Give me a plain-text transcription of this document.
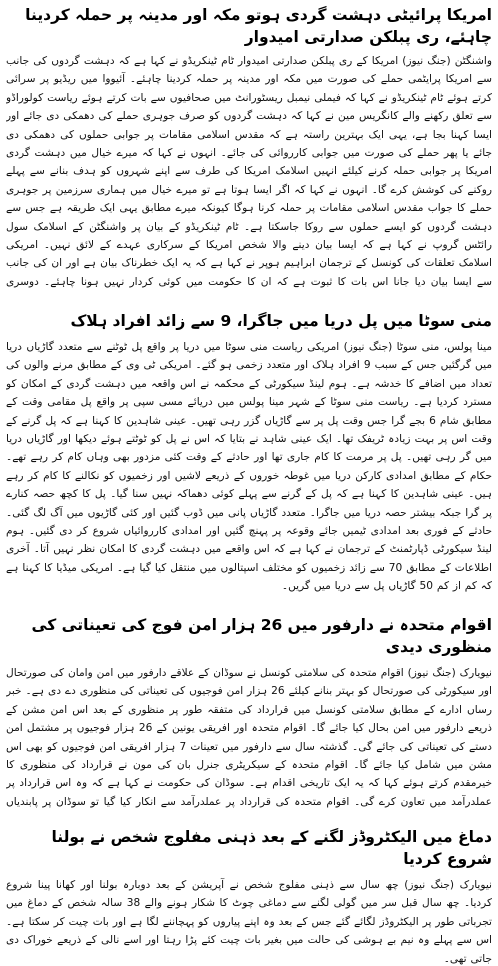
امریکا پرائیٹی دہشت گردی ہوتو مکہ اور مدینہ پر حملہ کردینا چاہئے، ری پبلکن صدارتی امیدوار

واشنگٹن (جنگ نیوز) امریکا کے ری پبلکن صدارتی امیدوار ٹام ٹینکریڈو نے کہا ہے کہ دہشت گردوں کی جانب سے امریکا پرایٹمی حملے کی صورت میں مکہ اور مدینہ پر حملہ کردینا چاہئے۔ آئیووا میں ریڈیو پر سرائی کرتے ہوئے ٹام ٹینکریڈو نے کہا کہ فیملی نیمبل ریسٹورانٹ میں صحافیوں سے بات کرتے ہوئے ریاست کولوراڈو سے تعلق رکھنے والے کانگریس مین نے کہا کہ دہشت گردوں کو صرف جوہری حملے کی دھمکی دی جائے اور ایسا کہنا بجا ہے، یہی ایک بہترین راستہ ہے کہ مقدس اسلامی مقامات پر جوابی حملوں کی دھمکی دی جائے یا پھر حملے کی صورت میں جوابی کارروائی کی جائے۔ انہوں نے کہا کہ میرے خیال میں دہشت گردی امریکا پر جوابی حملہ کرنے کیلئے انہیں اسلامک امریکا کی طرف سے اپنے شہروں کو ہدف بنانے سے پہلے روکنے کی کوشش کرے گا۔ انہوں نے کہا کہ اگر ایسا ہوتا ہے تو میرے خیال میں ہماری سرزمین پر جوہری حملے کا جواب مقدس اسلامی مقامات پر حملہ کرنا ہوگا کیونکہ میرے مطابق یہی ایک طریقہ ہے جس سے دہشت گردوں کو ایسے حملوں سے روکا جاسکتا ہے۔ ٹام ٹینکریڈو کے بیان پر واشنگٹن کے اسلامک سول رائٹس گروپ نے کہا ہے کہ ایسا بیان دینے والا شخص امریکا کے سرکاری عہدے کے لائق نہیں۔ امریکی اسلامک تعلقات کی کونسل کے ترجمان ابراہیم ہوپر نے کہا ہے کہ یہ ایک خطرناک بیان ہے اور ان کی جانب سے ایسا بیان دیا جانا اس بات کا ثبوت ہے کہ ان کا حکومت میں کوئی کردار نہیں ہونا چاہئے۔ دوسری

منی سوٹا میں پل دریا میں جاگرا، 9 سے زائد افراد ہلاک

مینا پولس، منی سوٹا (جنگ نیوز) امریکی ریاست منی سوٹا میں دریا پر واقع پل ٹوٹنے سے متعدد گاڑیاں دریا میں گرگئیں جس کے سبب 9 افراد ہلاک اور متعدد زخمی ہو گئے۔ امریکی ٹی وی کے مطابق مرنے والوں کی تعداد میں اضافے کا خدشہ ہے۔ ہوم لینڈ سیکورٹی کے محکمہ نے اس واقعہ میں دہشت گردی کے امکان کو مسترد کردیا ہے۔ ریاست منی سوٹا کے شہر مینا پولس میں دریائے مسی سپی پر واقع پل مقامی وقت کے مطابق شام 6 بجے گرا جس وقت پل پر سے گاڑیاں گزر رہی تھیں۔ عینی شاہدین کا کہنا ہے کہ پل گرنے کے وقت اس پر بہت زیادہ ٹریفک تھا۔ ایک عینی شاہد نے بتایا کہ اس نے پل کو ٹوٹتے ہوئے دیکھا اور گاڑیاں دریا میں گر رہی تھیں۔ پل پر مرمت کا کام جاری تھا اور حادثے کے وقت کئی مزدور بھی وہاں کام کر رہے تھے۔ حکام کے مطابق امدادی کارکن دریا میں غوطہ خوروں کے ذریعے لاشیں اور زخمیوں کو نکالنے کا کام کر رہے ہیں۔ عینی شاہدین کا کہنا ہے کہ پل کے گرنے سے پہلے کوئی دھماکہ نہیں سنا گیا۔ پل کا کچھ حصہ کنارے پر گرا جبکہ بیشتر حصہ دریا میں جاگرا۔ متعدد گاڑیاں پانی میں ڈوب گئیں اور کئی گاڑیوں میں آگ لگ گئی۔ حادثے کے فوری بعد امدادی ٹیمیں جائے وقوعہ پر پہنچ گئیں اور امدادی کارروائیاں شروع کر دی گئیں۔ ہوم لینڈ سیکورٹی ڈپارٹمنٹ کے ترجمان نے کہا ہے کہ اس واقعے میں دہشت گردی کا امکان نظر نہیں آتا۔ آخری اطلاعات کے مطابق 70 سے زائد زخمیوں کو مختلف اسپتالوں میں منتقل کیا گیا ہے۔ امریکی میڈیا کا کہنا ہے کہ کم از کم 50 گاڑیاں پل سے دریا میں گریں۔

اقوام متحدہ نے دارفور میں 26 ہزار امن فوج کی تعیناتی کی منظوری دیدی

نیویارک (جنگ نیوز) اقوام متحدہ کی سلامتی کونسل نے سوڈان کے علاقے دارفور میں امن وامان کی صورتحال اور سیکورٹی کی صورتحال کو بہتر بنانے کیلئے 26 ہزار امن فوجیوں کی تعیناتی کی منظوری دے دی ہے۔ خبر رساں ادارے کے مطابق سلامتی کونسل میں قرارداد کی متفقہ طور پر منظوری کے بعد اس امن مشن کے ذریعے دارفور میں امن بحال کیا جائے گا۔ اقوام متحدہ اور افریقی یونین کے 26 ہزار فوجیوں پر مشتمل امن دستے کی تعیناتی کی جائے گی۔ گذشتہ سال سے دارفور میں تعینات 7 ہزار افریقی امن فوجیوں کو بھی اس مشن میں شامل کیا جائے گا۔ اقوام متحدہ کے سیکریٹری جنرل بان کی مون نے قرارداد کی منظوری کا خیرمقدم کرتے ہوئے کہا کہ یہ ایک تاریخی اقدام ہے۔ سوڈان کی حکومت نے کہا ہے کہ وہ اس قرارداد پر عملدرآمد میں تعاون کرے گی۔ اقوام متحدہ کی قرارداد پر عملدرآمد سے انکار کیا گیا تو سوڈان پر پابندیاں

دماغ میں الیکٹروڈز لگنے کے بعد ذہنی مفلوج شخص نے بولنا شروع کردیا

نیویارک (جنگ نیوز) چھ سال سے ذہنی مفلوج شخص نے آپریشن کے بعد دوبارہ بولنا اور کھانا پینا شروع کردیا۔ چھ سال قبل سر میں گولی لگنے سے دماغی چوٹ کا شکار ہونے والے 38 سالہ شخص کے دماغ میں تجرباتی طور پر الیکٹروڈز لگائے گئے جس کے بعد وہ اپنے پیاروں کو پہچاننے لگا ہے اور بات چیت کر سکتا ہے۔ اس سے پہلے وہ نیم بے ہوشی کی حالت میں بغیر بات چیت کئے پڑا رہتا اور اسے نالی کے ذریعے خوراک دی جاتی تھی۔
